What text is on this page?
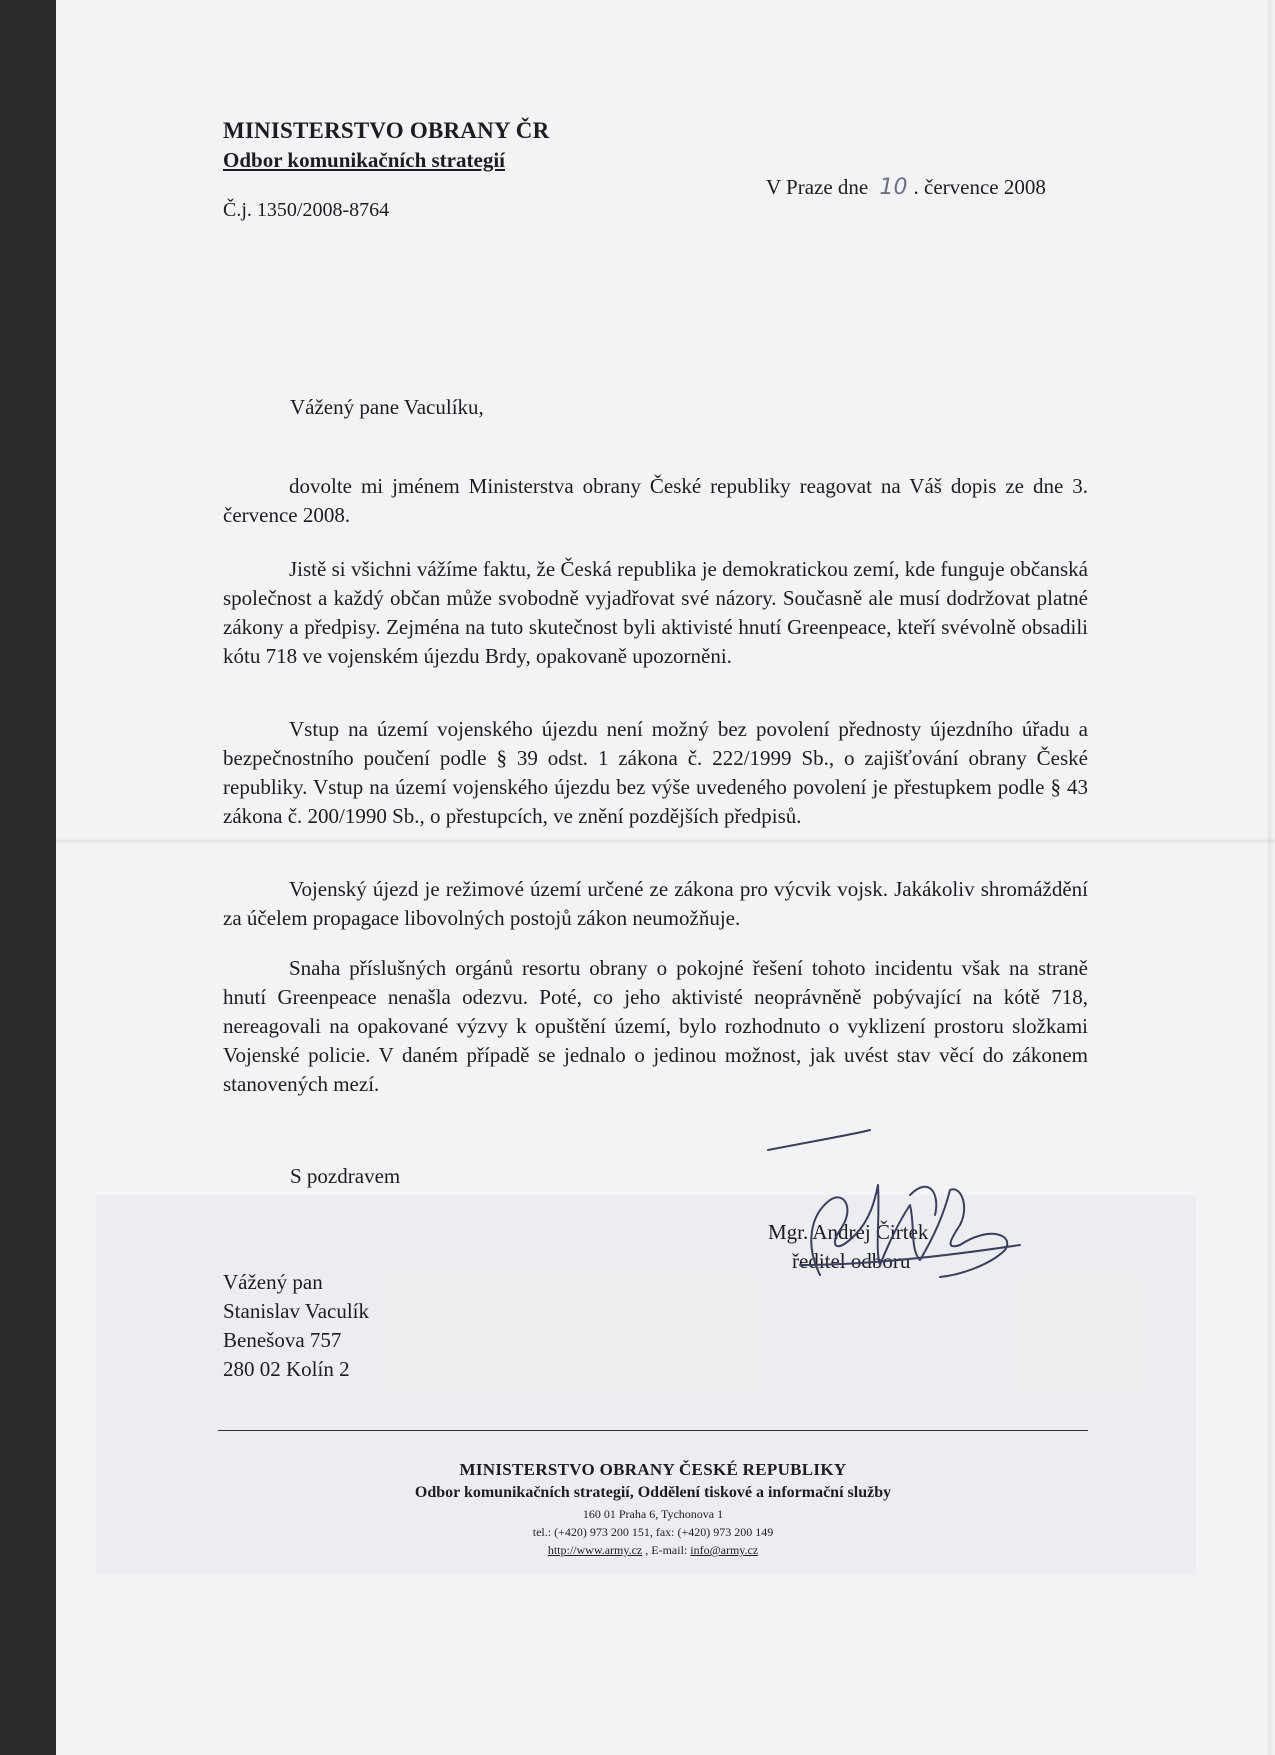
MINISTERSTVO OBRANY ČR
Odbor komunikačních strategií
Č.j. 1350/2008-8764
V Praze dne 10 . července 2008
Vážený pane Vaculíku,

dovolte mi jménem Ministerstva obrany České republiky reagovat na Váš dopis ze dne 3. července 2008.

Jistě si všichni vážíme faktu, že Česká republika je demokratickou zemí, kde funguje občanská společnost a každý občan může svobodně vyjadřovat své názory. Současně ale musí dodržovat platné zákony a předpisy. Zejména na tuto skutečnost byli aktivisté hnutí Greenpeace, kteří svévolně obsadili kótu 718 ve vojenském újezdu Brdy, opakovaně upozorněni.

Vstup na území vojenského újezdu není možný bez povolení přednosty újezdního úřadu a bezpečnostního poučení podle § 39 odst. 1 zákona č. 222/1999 Sb., o zajišťování obrany České republiky. Vstup na území vojenského újezdu bez výše uvedeného povolení je přestupkem podle § 43 zákona č. 200/1990 Sb., o přestupcích, ve znění pozdějších předpisů.

Vojenský újezd je režimové území určené ze zákona pro výcvik vojsk. Jakákoliv shromáždění za účelem propagace libovolných postojů zákon neumožňuje.

Snaha příslušných orgánů resortu obrany o pokojné řešení tohoto incidentu však na straně hnutí Greenpeace nenašla odezvu. Poté, co jeho aktivisté neoprávněně pobývající na kótě 718, nereagovali na opakované výzvy k opuštění území, bylo rozhodnuto o vyklizení prostoru složkami Vojenské policie. V daném případě se jednalo o jedinou možnost, jak uvést stav věcí do zákonem stanovených mezí.

S pozdravem
Mgr. Andrej Čirtek
ředitel odboru
Vážený pan
Stanislav Vaculík
Benešova 757
280 02 Kolín 2
MINISTERSTVO OBRANY ČESKÉ REPUBLIKY
Odbor komunikačních strategií, Oddělení tiskové a informační služby
160 01 Praha 6, Tychonova 1
tel.: (+420) 973 200 151, fax: (+420) 973 200 149
http://www.army.cz , E-mail: info@army.cz
